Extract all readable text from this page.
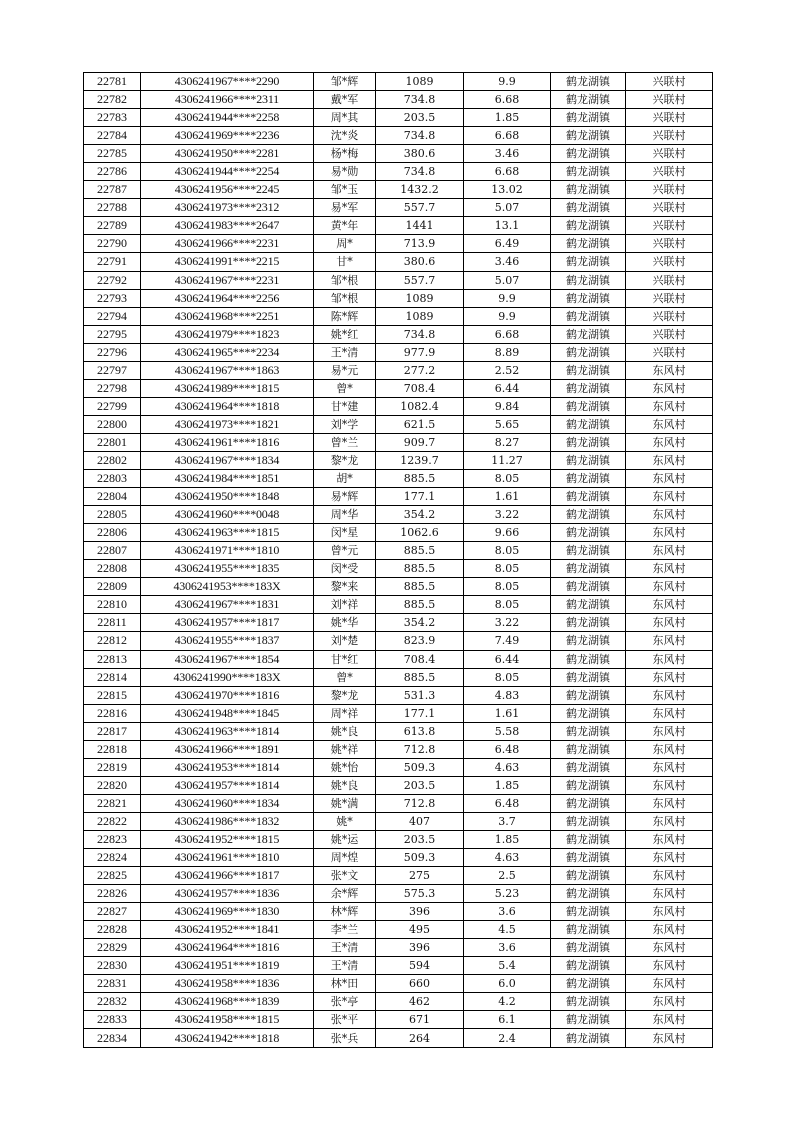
22781	4306241967****2290	邹*辉	1089	9.9	鹤龙湖镇	兴联村
22782	4306241966****2311	戴*军	734.8	6.68	鹤龙湖镇	兴联村
22783	4306241944****2258	周*其	203.5	1.85	鹤龙湖镇	兴联村
22784	4306241969****2236	沈*炎	734.8	6.68	鹤龙湖镇	兴联村
22785	4306241950****2281	杨*梅	380.6	3.46	鹤龙湖镇	兴联村
22786	4306241944****2254	易*勋	734.8	6.68	鹤龙湖镇	兴联村
22787	4306241956****2245	邹*玉	1432.2	13.02	鹤龙湖镇	兴联村
22788	4306241973****2312	易*军	557.7	5.07	鹤龙湖镇	兴联村
22789	4306241983****2647	黄*年	1441	13.1	鹤龙湖镇	兴联村
22790	4306241966****2231	周*	713.9	6.49	鹤龙湖镇	兴联村
22791	4306241991****2215	甘*	380.6	3.46	鹤龙湖镇	兴联村
22792	4306241967****2231	邹*根	557.7	5.07	鹤龙湖镇	兴联村
22793	4306241964****2256	邹*根	1089	9.9	鹤龙湖镇	兴联村
22794	4306241968****2251	陈*辉	1089	9.9	鹤龙湖镇	兴联村
22795	4306241979****1823	姚*红	734.8	6.68	鹤龙湖镇	兴联村
22796	4306241965****2234	王*清	977.9	8.89	鹤龙湖镇	兴联村
22797	4306241967****1863	易*元	277.2	2.52	鹤龙湖镇	东风村
22798	4306241989****1815	曾*	708.4	6.44	鹤龙湖镇	东风村
22799	4306241964****1818	甘*建	1082.4	9.84	鹤龙湖镇	东风村
22800	4306241973****1821	刘*学	621.5	5.65	鹤龙湖镇	东风村
22801	4306241961****1816	曾*兰	909.7	8.27	鹤龙湖镇	东风村
22802	4306241967****1834	黎*龙	1239.7	11.27	鹤龙湖镇	东风村
22803	4306241984****1851	胡*	885.5	8.05	鹤龙湖镇	东风村
22804	4306241950****1848	易*辉	177.1	1.61	鹤龙湖镇	东风村
22805	4306241960****0048	周*华	354.2	3.22	鹤龙湖镇	东风村
22806	4306241963****1815	闵*星	1062.6	9.66	鹤龙湖镇	东风村
22807	4306241971****1810	曾*元	885.5	8.05	鹤龙湖镇	东风村
22808	4306241955****1835	闵*受	885.5	8.05	鹤龙湖镇	东风村
22809	4306241953****183X	黎*来	885.5	8.05	鹤龙湖镇	东风村
22810	4306241967****1831	刘*祥	885.5	8.05	鹤龙湖镇	东风村
22811	4306241957****1817	姚*华	354.2	3.22	鹤龙湖镇	东风村
22812	4306241955****1837	刘*楚	823.9	7.49	鹤龙湖镇	东风村
22813	4306241967****1854	甘*红	708.4	6.44	鹤龙湖镇	东风村
22814	4306241990****183X	曾*	885.5	8.05	鹤龙湖镇	东风村
22815	4306241970****1816	黎*龙	531.3	4.83	鹤龙湖镇	东风村
22816	4306241948****1845	周*祥	177.1	1.61	鹤龙湖镇	东风村
22817	4306241963****1814	姚*良	613.8	5.58	鹤龙湖镇	东风村
22818	4306241966****1891	姚*祥	712.8	6.48	鹤龙湖镇	东风村
22819	4306241953****1814	姚*怡	509.3	4.63	鹤龙湖镇	东风村
22820	4306241957****1814	姚*良	203.5	1.85	鹤龙湖镇	东风村
22821	4306241960****1834	姚*满	712.8	6.48	鹤龙湖镇	东风村
22822	4306241986****1832	姚*	407	3.7	鹤龙湖镇	东风村
22823	4306241952****1815	姚*运	203.5	1.85	鹤龙湖镇	东风村
22824	4306241961****1810	周*煌	509.3	4.63	鹤龙湖镇	东风村
22825	4306241966****1817	张*文	275	2.5	鹤龙湖镇	东风村
22826	4306241957****1836	余*辉	575.3	5.23	鹤龙湖镇	东风村
22827	4306241969****1830	林*辉	396	3.6	鹤龙湖镇	东风村
22828	4306241952****1841	李*兰	495	4.5	鹤龙湖镇	东风村
22829	4306241964****1816	王*清	396	3.6	鹤龙湖镇	东风村
22830	4306241951****1819	王*清	594	5.4	鹤龙湖镇	东风村
22831	4306241958****1836	林*田	660	6.0	鹤龙湖镇	东风村
22832	4306241968****1839	张*亭	462	4.2	鹤龙湖镇	东风村
22833	4306241958****1815	张*平	671	6.1	鹤龙湖镇	东风村
22834	4306241942****1818	张*兵	264	2.4	鹤龙湖镇	东风村
